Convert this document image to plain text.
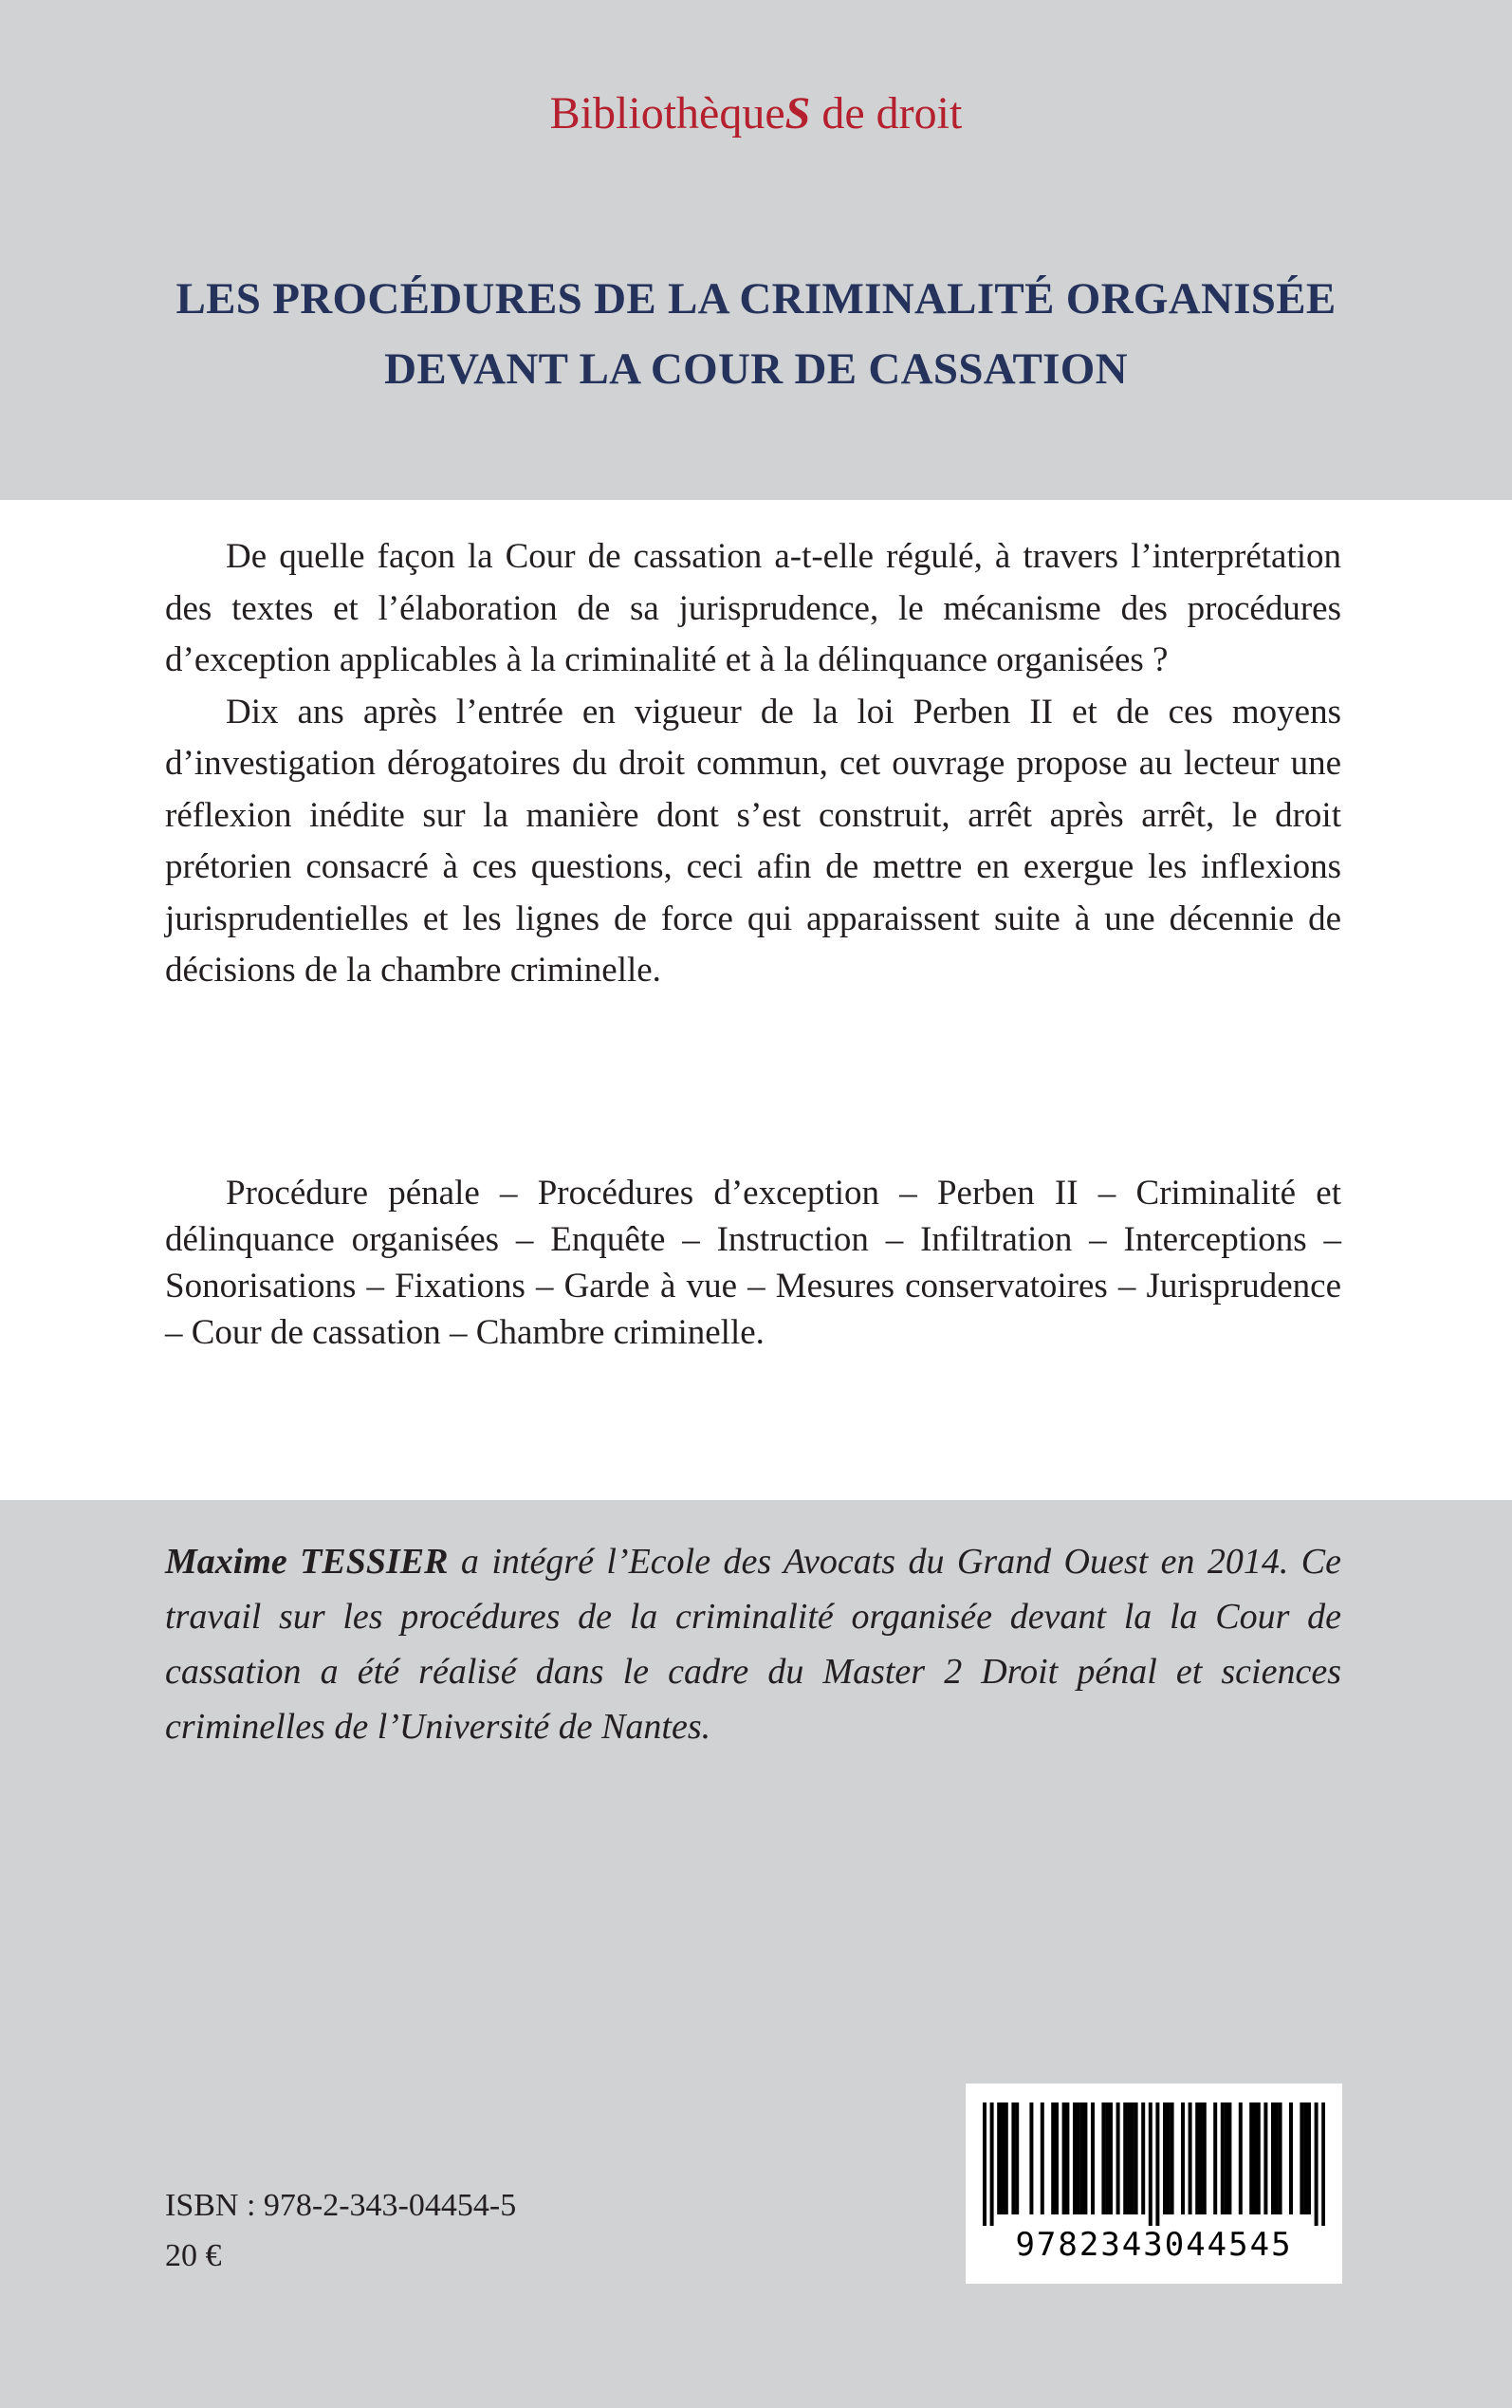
BibliothèqueS de droit
LES PROCÉDURES DE LA CRIMINALITÉ ORGANISÉE
DEVANT LA COUR DE CASSATION

De quelle façon la Cour de cassation a-t-elle régulé, à travers l’interprétation des textes et l’élaboration de sa jurisprudence, le mécanisme des procédures d’exception applicables à la criminalité et à la délinquance organisées ?

Dix ans après l’entrée en vigueur de la loi Perben II et de ces moyens d’investigation dérogatoires du droit commun, cet ouvrage propose au lecteur une réflexion inédite sur la manière dont s’est construit, arrêt après arrêt, le droit prétorien consacré à ces questions, ceci afin de mettre en exergue les inflexions jurisprudentielles et les lignes de force qui apparaissent suite à une décennie de décisions de la chambre criminelle.

Procédure pénale – Procédures d’exception – Perben II – Criminalité et délinquance organisées – Enquête – Instruction – Infiltration – Interceptions – Sonorisations – Fixations – Garde à vue – Mesures conservatoires – Jurisprudence – Cour de cassation – Chambre criminelle.

Maxime TESSIER a intégré l’Ecole des Avocats du Grand Ouest en 2014. Ce travail sur les procédures de la criminalité organisée devant la la Cour de cassation a été réalisé dans le cadre du Master 2 Droit pénal et sciences criminelles de l’Université de Nantes.

ISBN : 978-2-343-04454-5
20 €	9782343044545
